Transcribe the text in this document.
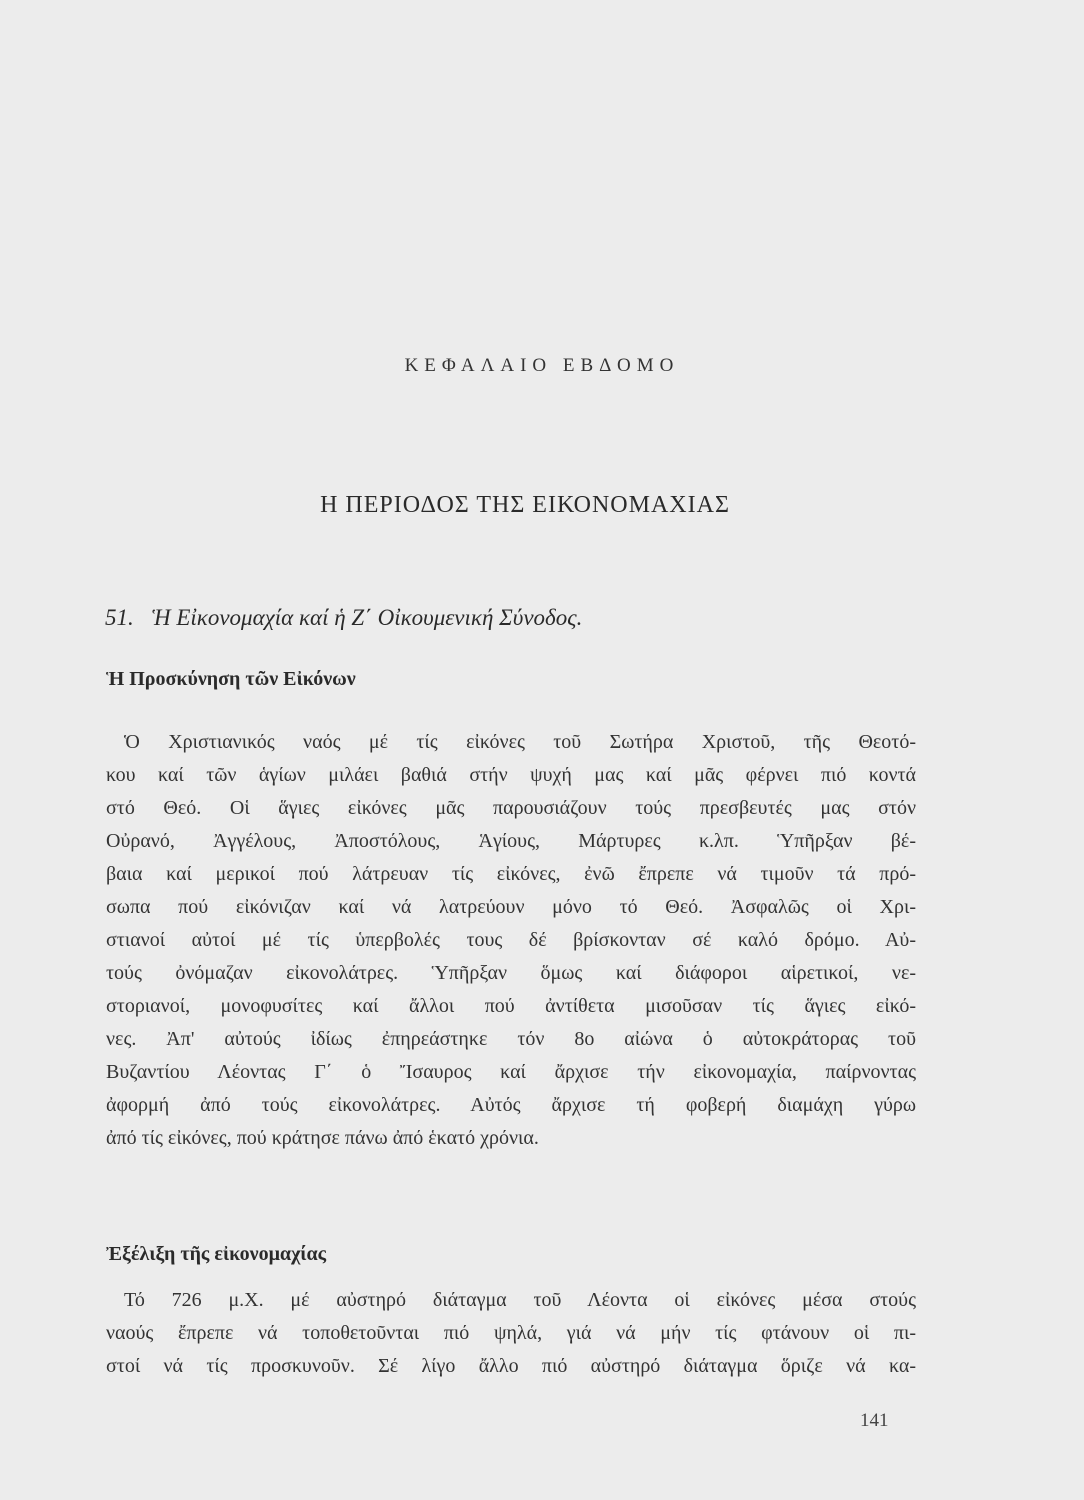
ΚΕΦΑΛΑΙΟ ΕΒΔΟΜΟ
Η ΠΕΡΙΟΔΟΣ ΤΗΣ ΕΙΚΟΝΟΜΑΧΙΑΣ
51. Ἡ Εἰκονομαχία καί ἡ Ζ΄ Οἰκουμενική Σύνοδος.
Ἡ Προσκύνηση τῶν Εἰκόνων
Ὁ Χριστιανικός ναός μέ τίς εἰκόνες τοῦ Σωτήρα Χριστοῦ, τῆς Θεοτό-
κου καί τῶν ἁγίων μιλάει βαθιά στήν ψυχή μας καί μᾶς φέρνει πιό κοντά
στό Θεό. Οἱ ἅγιες εἰκόνες μᾶς παρουσιάζουν τούς πρεσβευτές μας στόν
Οὐρανό, Ἀγγέλους, Ἀποστόλους, Ἁγίους, Μάρτυρες κ.λπ. Ὑπῆρξαν βέ-
βαια καί μερικοί πού λάτρευαν τίς εἰκόνες, ἐνῶ ἔπρεπε νά τιμοῦν τά πρό-
σωπα πού εἰκόνιζαν καί νά λατρεύουν μόνο τό Θεό. Ἀσφαλῶς οἱ Χρι-
στιανοί αὐτοί μέ τίς ὑπερβολές τους δέ βρίσκονταν σέ καλό δρόμο. Αὐ-
τούς ὀνόμαζαν εἰκονολάτρες. Ὑπῆρξαν ὅμως καί διάφοροι αἱρετικοί, νε-
στοριανοί, μονοφυσίτες καί ἄλλοι πού ἀντίθετα μισοῦσαν τίς ἅγιες εἰκό-
νες. Ἀπ' αὐτούς ἰδίως ἐπηρεάστηκε τόν 8ο αἰώνα ὁ αὐτοκράτορας τοῦ
Βυζαντίου Λέοντας Γ΄ ὁ Ἴσαυρος καί ἄρχισε τήν εἰκονομαχία, παίρνοντας
ἀφορμή ἀπό τούς εἰκονολάτρες. Αὐτός ἄρχισε τή φοβερή διαμάχη γύρω
ἀπό τίς εἰκόνες, πού κράτησε πάνω ἀπό ἑκατό χρόνια.
Ἐξέλιξη τῆς εἰκονομαχίας
Τό 726 μ.Χ. μέ αὐστηρό διάταγμα τοῦ Λέοντα οἱ εἰκόνες μέσα στούς
ναούς ἔπρεπε νά τοποθετοῦνται πιό ψηλά, γιά νά μήν τίς φτάνουν οἱ πι-
στοί νά τίς προσκυνοῦν. Σέ λίγο ἄλλο πιό αὐστηρό διάταγμα ὅριζε νά κα-
141
